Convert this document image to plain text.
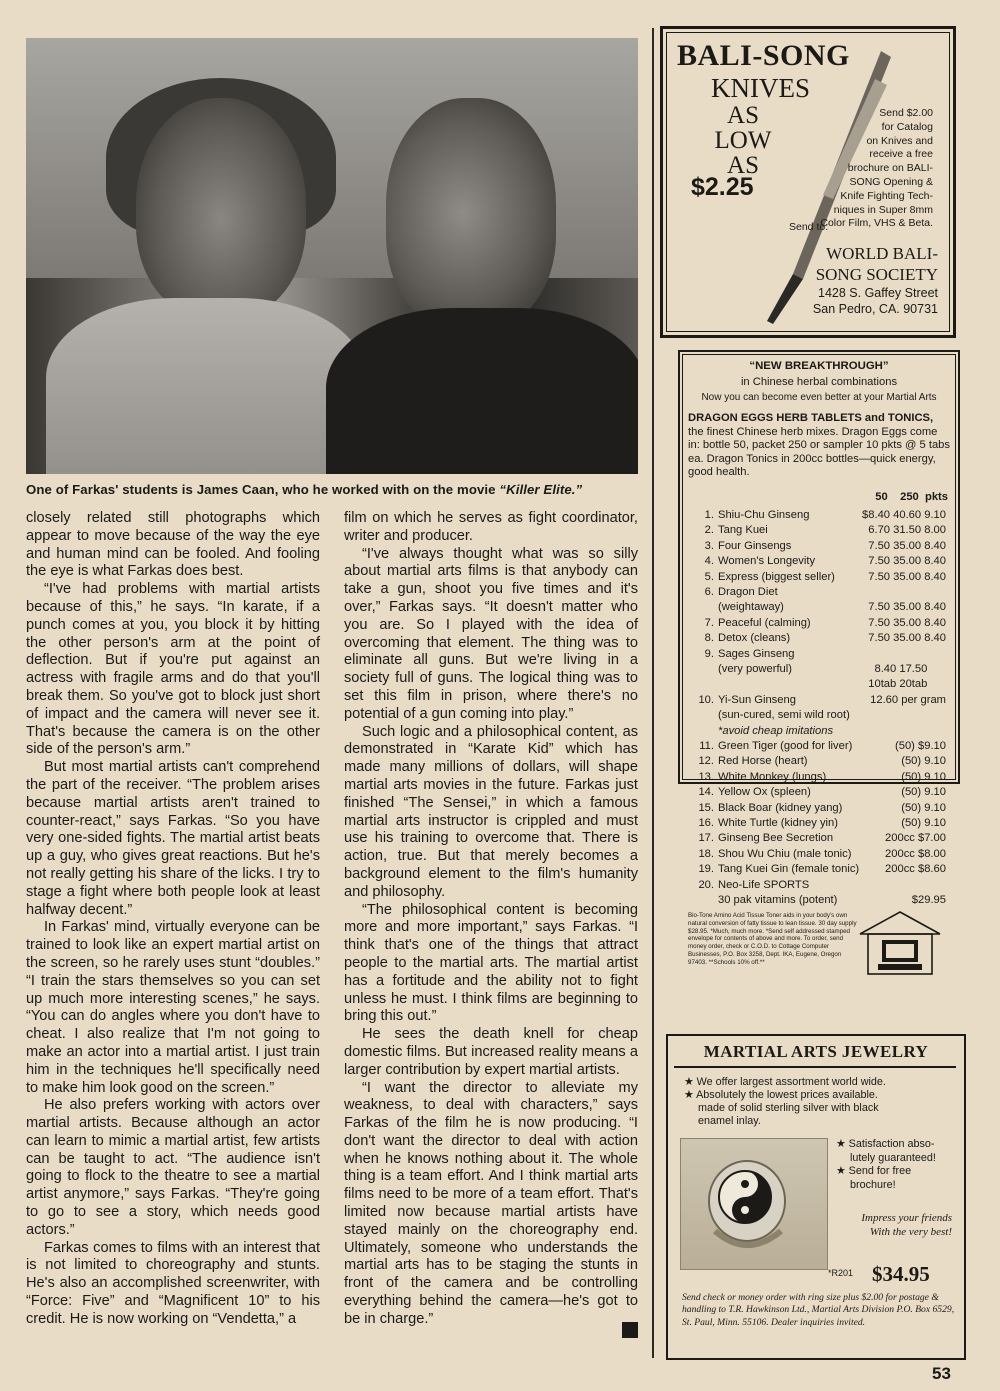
One of Farkas' students is James Caan, who he worked with on the movie “Killer Elite.”

closely related still photographs which appear to move because of the way the eye and human mind can be fooled. And fooling the eye is what Farkas does best.

“I've had problems with martial artists because of this,” he says. “In karate, if a punch comes at you, you block it by hitting the other person's arm at the point of deflection. But if you're put against an actress with fragile arms and do that you'll break them. So you've got to block just short of impact and the camera will never see it. That's because the camera is on the other side of the person's arm.”

But most martial artists can't comprehend the part of the receiver. “The problem arises because martial artists aren't trained to counter-react,” says Farkas. “So you have very one-sided fights. The martial artist beats up a guy, who gives great reactions. But he's not really getting his share of the licks. I try to stage a fight where both people look at least halfway decent.”

In Farkas' mind, virtually everyone can be trained to look like an expert martial artist on the screen, so he rarely uses stunt “doubles.” “I train the stars themselves so you can set up much more interesting scenes,” he says. “You can do angles where you don't have to cheat. I also realize that I'm not going to make an actor into a martial artist. I just train him in the techniques he'll specifically need to make him look good on the screen.”

He also prefers working with actors over martial artists. Because although an actor can learn to mimic a martial artist, few artists can be taught to act. “The audience isn't going to flock to the theatre to see a martial artist anymore,” says Farkas. “They're going to go to see a story, which needs good actors.”

Farkas comes to films with an interest that is not limited to choreography and stunts. He's also an accomplished screenwriter, with “Force: Five” and “Magnificent 10” to his credit. He is now working on “Vendetta,” a

film on which he serves as fight coordinator, writer and producer.

“I've always thought what was so silly about martial arts films is that anybody can take a gun, shoot you five times and it's over,” Farkas says. “It doesn't matter who you are. So I played with the idea of overcoming that element. The thing was to eliminate all guns. But we're living in a society full of guns. The logical thing was to set this film in prison, where there's no potential of a gun coming into play.”

Such logic and a philosophical content, as demonstrated in “Karate Kid” which has made many millions of dollars, will shape martial arts movies in the future. Farkas just finished “The Sensei,” in which a famous martial arts instructor is crippled and must use his training to overcome that. There is action, true. But that merely becomes a background element to the film's humanity and philosophy.

“The philosophical content is becoming more and more important,” says Farkas. “I think that's one of the things that attract people to the martial arts. The martial artist has a fortitude and the ability not to fight unless he must. I think films are beginning to bring this out.”

He sees the death knell for cheap domestic films. But increased reality means a larger contribution by expert martial artists.

“I want the director to alleviate my weakness, to deal with characters,” says Farkas of the film he is now producing. “I don't want the director to deal with action when he knows nothing about it. The whole thing is a team effort. And I think martial arts films need to be more of a team effort. That's limited now because martial artists have stayed mainly on the choreography end. Ultimately, someone who understands the martial arts has to be staging the stunts in front of the camera and be controlling everything behind the camera—he's got to be in charge.”

BALI-SONG
KNIVES
AS
LOW
AS
$2.25
Send $2.00
for Catalog
on Knives and
receive a free
brochure on BALI-
SONG Opening &
Knife Fighting Tech-
niques in Super 8mm
Color Film, VHS & Beta.
Send to:
WORLD BALI-
SONG SOCIETY
1428 S. Gaffey Street
San Pedro, CA. 90731
“NEW BREAKTHROUGH”
in Chinese herbal combinations
Now you can become even better at your Martial Arts
DRAGON EGGS HERB TABLETS and TONICS, the finest Chinese herb mixes. Dragon Eggs come in: bottle 50, packet 250 or sampler 10 pkts @ 5 tabs ea. Dragon Tonics in 200cc bottles—quick energy, good health.
50    250  pkts
1. Shiu-Chu Ginseng	$8.40 40.60 9.10
2. Tang Kuei	6.70 31.50 8.00
3. Four Ginsengs	7.50 35.00 8.40
4. Women's Longevity	7.50 35.00 8.40
5. Express (biggest seller)	7.50 35.00 8.40
6. Dragon Diet
(weightaway)	7.50 35.00 8.40
7. Peaceful (calming)	7.50 35.00 8.40
8. Detox (cleans)	7.50 35.00 8.40
9. Sages Ginseng
(very powerful)	8.40 17.50
10tab 20tab
10. Yi-Sun Ginseng	12.60 per gram
(sun-cured, semi wild root)
*avoid cheap imitations
11. Green Tiger (good for liver)	(50) $9.10
12. Red Horse (heart)	(50) 9.10
13. White Monkey (lungs)	(50) 9.10
14. Yellow Ox (spleen)	(50) 9.10
15. Black Boar (kidney yang)	(50) 9.10
16. White Turtle (kidney yin)	(50) 9.10
17. Ginseng Bee Secretion	200cc $7.00
18. Shou Wu Chiu (male tonic)	200cc $8.00
19. Tang Kuei Gin (female tonic) 200cc $8.60
20. Neo-Life SPORTS
30 pak vitamins (potent)	$29.95
Bio-Tone Amino Acid Tissue Toner aids in your body's own natural conversion of fatty tissue to lean tissue. 30 day supply $28.95. *Much, much more. *Send self addressed stamped envelope for contents of above and more. To order, send money order, check or C.O.D. to Cottage Computer Businesses, P.O. Box 3258, Dept. IKA, Eugene, Oregon 97403. **Schools 10% off.**
MARTIAL ARTS JEWELRY
★ We offer largest assortment world wide.
★ Absolutely the lowest prices available.
made of solid sterling silver with black
enamel inlay.
★ Satisfaction abso-
lutely guaranteed!
★ Send for free
brochure!
Impress your friends
With the very best!
*R201 $34.95
Send check or money order with ring size plus $2.00 for postage & handling to T.R. Hawkinson Ltd., Martial Arts Division P.O. Box 6529, St. Paul, Minn. 55106. Dealer inquiries invited.
53
